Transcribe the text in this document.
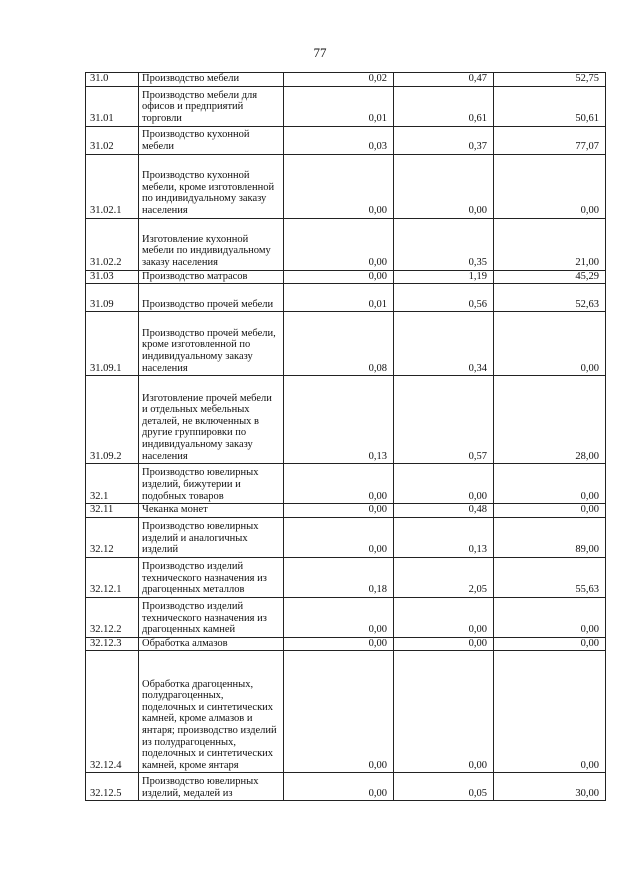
77
31.0	Производство мебели	0,02	0,47	52,75
31.01	Производство мебели для офисов и предприятий торговли	0,01	0,61	50,61
31.02	Производство кухонной мебели	0,03	0,37	77,07
31.02.1	Производство кухонной мебели, кроме изготовленной по индивидуальному заказу населения	0,00	0,00	0,00
31.02.2	Изготовление кухонной мебели по индивидуальному заказу населения	0,00	0,35	21,00
31.03	Производство матрасов	0,00	1,19	45,29
31.09	Производство прочей мебели	0,01	0,56	52,63
31.09.1	Производство прочей мебели, кроме изготовленной по индивидуальному заказу населения	0,08	0,34	0,00
31.09.2	Изготовление прочей мебели и отдельных мебельных деталей, не включенных в другие группировки по индивидуальному заказу населения	0,13	0,57	28,00
32.1	Производство ювелирных изделий, бижутерии и подобных товаров	0,00	0,00	0,00
32.11	Чеканка монет	0,00	0,48	0,00
32.12	Производство ювелирных изделий и аналогичных изделий	0,00	0,13	89,00
32.12.1	Производство изделий технического назначения из драгоценных металлов	0,18	2,05	55,63
32.12.2	Производство изделий технического назначения из драгоценных камней	0,00	0,00	0,00
32.12.3	Обработка алмазов	0,00	0,00	0,00
32.12.4	Обработка драгоценных, полудрагоценных, поделочных и синтетических камней, кроме алмазов и янтаря; производство изделий из полудрагоценных, поделочных и синтетических камней, кроме янтаря	0,00	0,00	0,00
32.12.5	Производство ювелирных изделий, медалей из	0,00	0,05	30,00
